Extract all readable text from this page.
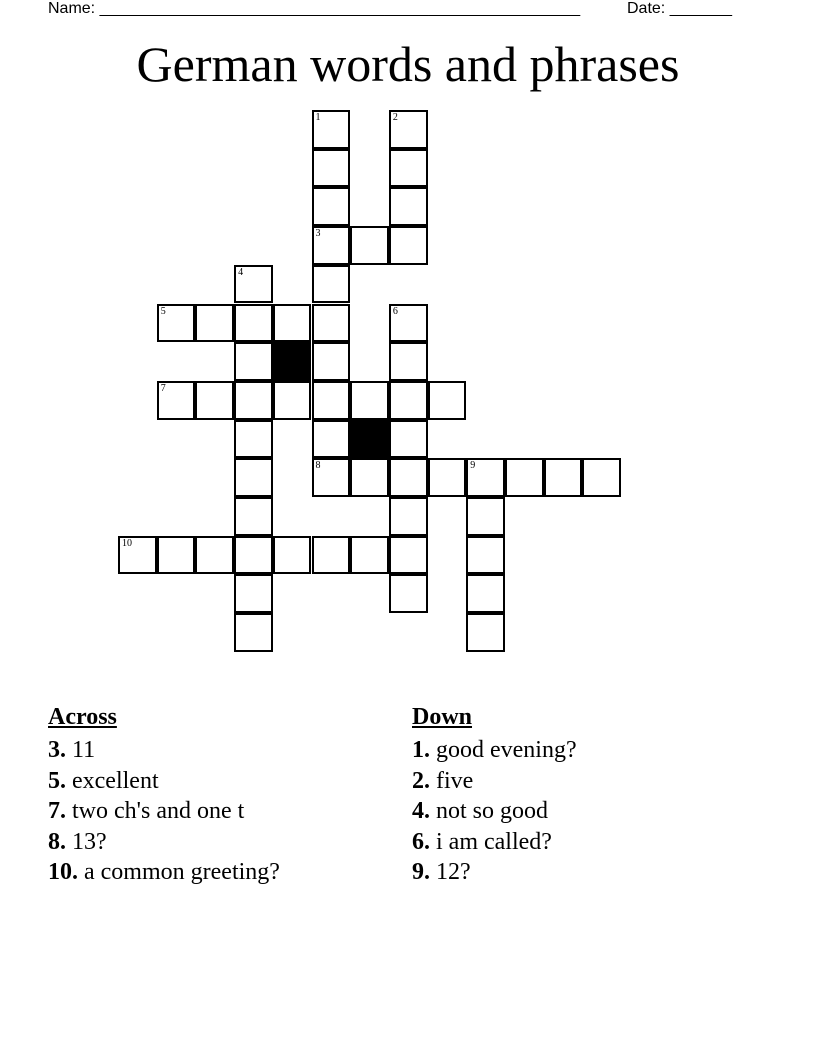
Name: ______________________________________________________	Date: _______
German words and phrases
1	2
3
4
5	6
7
8	9
10
Across
3. 11
5. excellent
7. two ch's and one t
8. 13?
10. a common greeting?
Down
1. good evening?
2. five
4. not so good
6. i am called?
9. 12?
